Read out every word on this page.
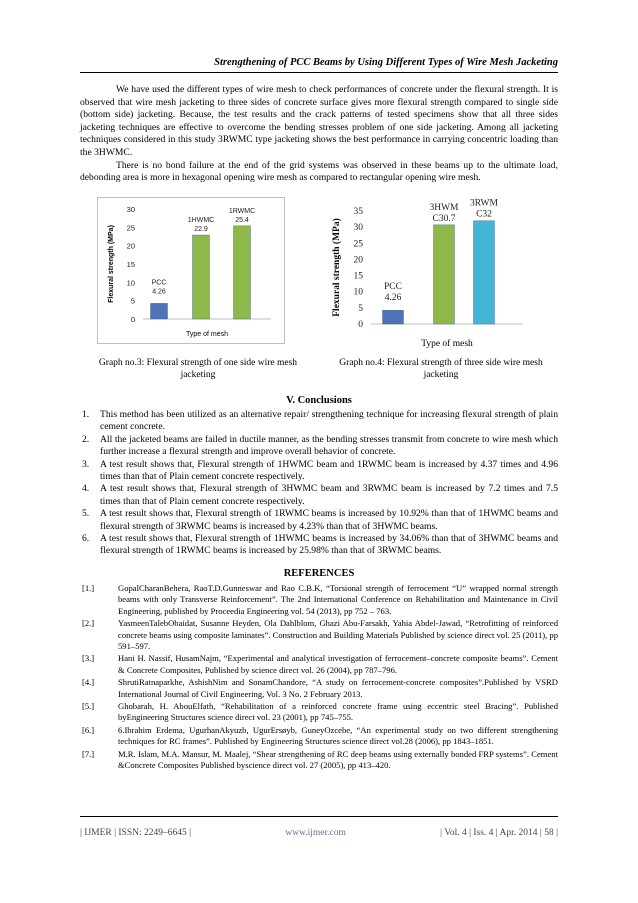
Strengthening of PCC Beams by Using Different Types of Wire Mesh Jacketing

We have used the different types of wire mesh to check performances of concrete under the flexural strength. It is observed that wire mesh jacketing to three sides of concrete surface gives more flexural strength compared to single side (bottom side) jacketing. Because, the test results and the crack patterns of tested specimens show that all three sides jacketing techniques are effective to overcome the bending stresses problem of one side jacketing. Among all jacketing techniques considered in this study 3RWMC type jacketing shows the best performance in carrying concentric loading than the 3HWMC.

There is no bond failure at the end of the grid systems was observed in these beams up to the ultimate load, debonding area is more in hexagonal opening wire mesh as compared to rectangular opening wire mesh.

0
5
10
15
20
25
30
PCC
4.26
1HWMC
22.9
1RWMC
25.4
Flexural strength (MPa)
Type of mesh
0
5
10
15
20
25
30
35
PCC
4.26
3HWM
C30.7
3RWM
C32
Flexural strength (MPa)
Type of mesh
Graph no.3: Flexural strength of one side wire mesh jacketing
Graph no.4: Flexural strength of three side wire mesh jacketing
V. Conclusions
1. This method has been utilized as an alternative repair/ strengthening technique for increasing flexural strength of plain cement concrete.
2. All the jacketed beams are failed in ductile manner, as the bending stresses transmit from concrete to wire mesh which further increase a flexural strength and improve overall behavior of concrete.
3. A test result shows that, Flexural strength of 1HWMC beam and 1RWMC beam is increased by 4.37 times and 4.96 times than that of Plain cement concrete respectively.
4. A test result shows that, Flexural strength of 3HWMC beam and 3RWMC beam is increased by 7.2 times and 7.5 times than that of Plain cement concrete respectively.
5. A test result shows that, Flexural strength of 1RWMC beams is increased by 10.92% than that of 1HWMC beams and flexural strength of 3RWMC beams is increased by 4.23% than that of 3HWMC beams.
6. A test result shows that, Flexural strength of 1HWMC beams is increased by 34.06% than that of 3HWMC beams and flexural strength of 1RWMC beams is increased by 25.98% than that of 3RWMC beams.
REFERENCES
[1.]	GopalCharanBehera, RaoT.D.Gunneswar and Rao C.B.K, “Torsional strength of ferrocement “U” wrapped normal strength beams with only Transverse Reinforcement”. The 2nd International Conference on Rehabilitation and Maintenance in Civil Engineering, published by Proceedia Engineering vol. 54 (2013), pp 752 – 763.
[2.]	YasmeenTalebObaidat, Susanne Heyden, Ola Dahlblom, Ghazi Abu-Farsakh, Yahia Abdel-Jawad, “Retrofitting of reinforced concrete beams using composite laminates”. Construction and Building Materials Published by science direct vol. 25 (2011), pp 591–597.
[3.]	Hani H. Nassif, HusamNajm, “Experimental and analytical investigation of ferrocement–concrete composite beams”. Cement & Concrete Composites, Published by science direct vol. 26 (2004), pp 787–796.
[4.]	ShrutiRatnaparkhe, AshishNim and SonamChandore, “A study on ferrocement-concrete composites”.Published by VSRD International Journal of Civil Engineering, Vol. 3 No. 2 February 2013.
[5.]	Ghobarah, H. AbouElfath, “Rehabilitation of a reinforced concrete frame using eccentric steel Bracing”. Published byEngineering Structures science direct vol. 23 (2001), pp 745–755.
[6.]	6.Ibrahim Erdema, UgurhanAkyuzb, UgurErsøyb, GuneyOzcebe, “An experimental study on two different strengthening techniques for RC frames”. Published by Engineering Structures science direct vol.28 (2006), pp 1843–1851.
[7.]	M.R. Islam, M.A. Mansur, M. Maalej, “Shear strengthening of RC deep beams using externally bonded FRP systems”. Cement &Concrete Composites Published byscience direct vol. 27 (2005), pp 413–420.
| IJMER | ISSN: 2249–6645 |	www.ijmer.com	| Vol. 4 | Iss. 4 | Apr. 2014 | 58 |
